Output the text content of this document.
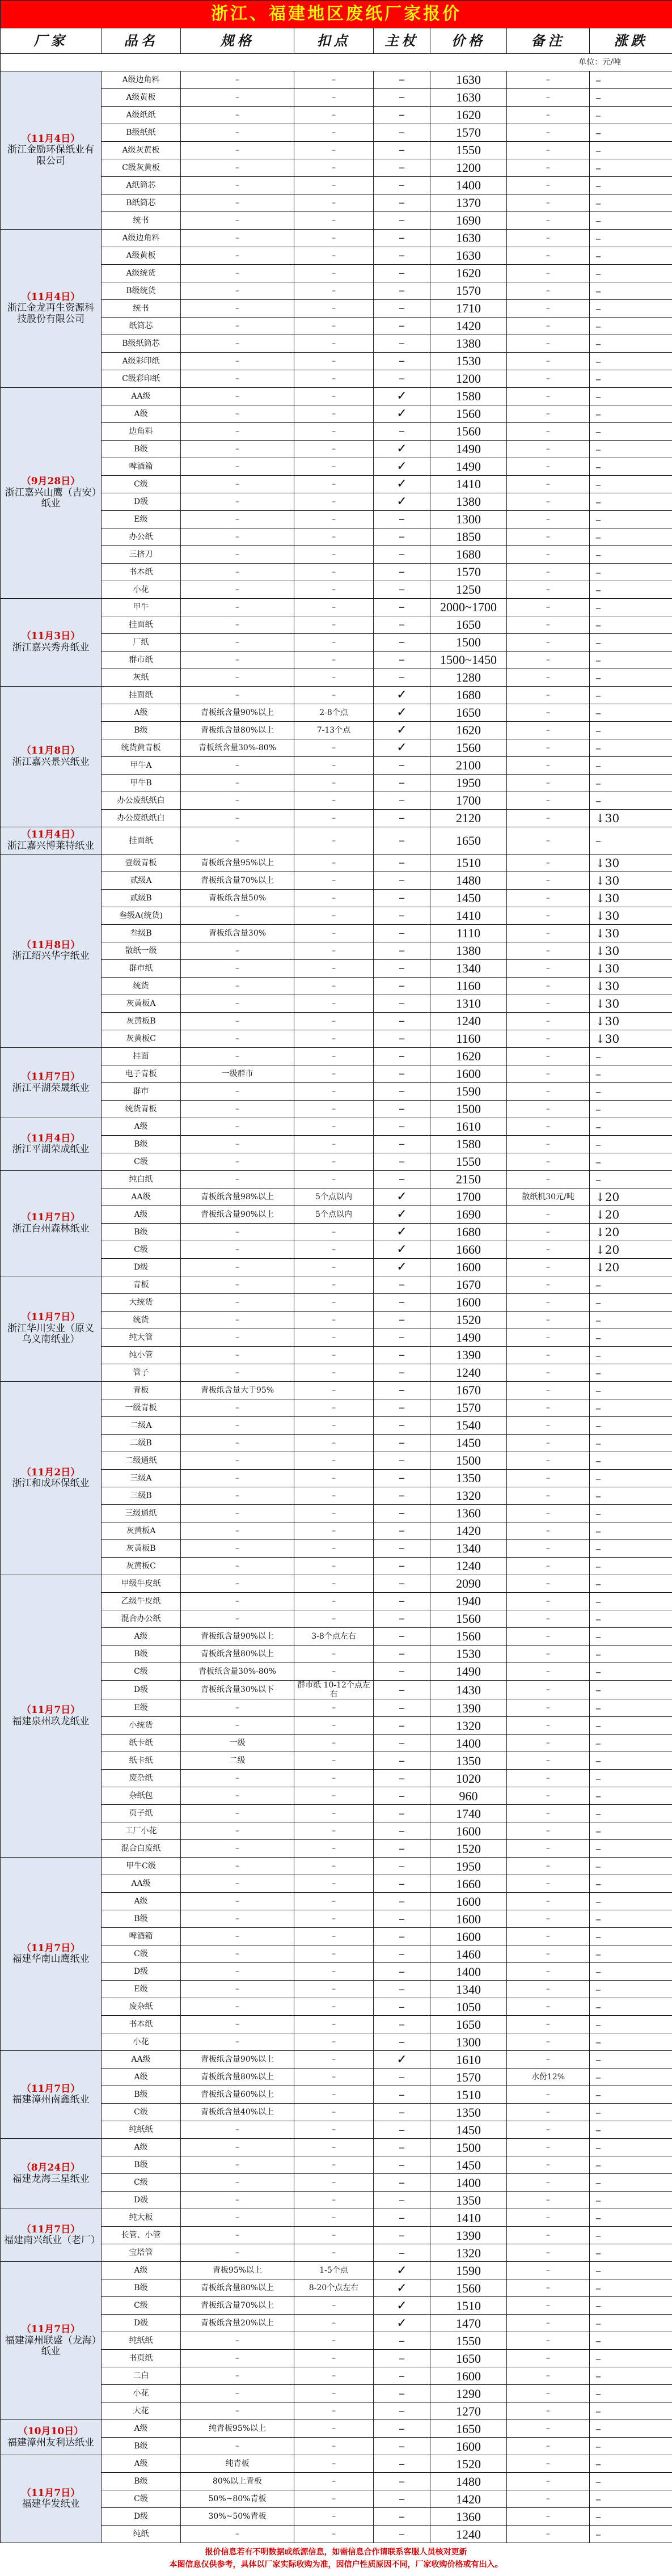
浙江、福建地区废纸厂家报价							
厂家	品名	规格	扣点	主杖	价格	备注	涨跌
单位：元/吨							

（11月4日）
浙江金励环保纸业有限公司	A级边角料	–	–	–	1630	–	–
	A级黄板	–	–	–	1630	–	–
	A级纸纸	–	–	–	1620	–	–
	B级纸纸	–	–	–	1570	–	–
	A级灰黄板	–	–	–	1550	–	–
	C级灰黄板	–	–	–	1200	–	–
	A纸筒芯	–	–	–	1400	–	–
	B纸筒芯	–	–	–	1370	–	–
	统书	–	–	–	1690	–	–

（11月4日）
浙江金龙再生资源科技股份有限公司	A级边角料	–	–	–	1630	–	–
	A级黄板	–	–	–	1630	–	–
	A级统货	–	–	–	1620	–	–
	B级统货	–	–	–	1570	–	–
	统书	–	–	–	1710	–	–
	纸筒芯	–	–	–	1420	–	–
	B级纸筒芯	–	–	–	1380	–	–
	A级彩印纸	–	–	–	1530	–	–
	C级彩印纸	–	–	–	1200	–	–

（9月28日）
浙江嘉兴山鹰（吉安）纸业	AA级	–	–	✓	1580	–	–
	A级	–	–	✓	1560	–	–
	边角料	–	–	–	1560	–	–
	B级	–	–	✓	1490	–	–
	啤酒箱	–	–	✓	1490	–	–
	C级	–	–	✓	1410	–	–
	D级	–	–	✓	1380	–	–
	E级	–	–	–	1300	–	–
	办公纸	–	–	–	1850	–	–
	三挤刀	–	–	–	1680	–	–
	书本纸	–	–	–	1570	–	–
	小花	–	–	–	1250	–	–

（11月3日）
浙江嘉兴秀舟纸业	甲牛	–	–	–	2000~1700	–	–
	挂面纸	–	–	–	1650	–	–
	厂纸	–	–	–	1500	–	–
	群市纸	–	–	–	1500~1450	–	–
	灰纸	–	–	–	1280	–	–

（11月8日）
浙江嘉兴景兴纸业	挂面纸	–	–	✓	1680	–	–
	A级	青板纸含量90%以上	2-8个点	✓	1650	–	–
	B级	青板纸含量80%以上	7-13个点	✓	1620	–	–
	统货黄青板	青板纸含量30%-80%	–	✓	1560	–	–
	甲牛A	–	–	–	2100	–	–
	甲牛B	–	–	–	1950	–	–
	办公废纸纸白	–	–	–	1700	–	–
	办公废纸纸白	–	–	–	2120	–	↓30

（11月4日）
浙江嘉兴博莱特纸业	挂面纸	–	–	–	1650	–	–

（11月8日）
浙江绍兴华宇纸业	壹级青板	青板纸含量95%以上	–	–	1510	–	↓30
	贰级A	青板纸含量70%以上	–	–	1480	–	↓30
	贰级B	青板纸含量50%	–	–	1450	–	↓30
	叁级A(统货)	–	–	–	1410	–	↓30
	叁级B	青板纸含量30%	–	–	1110	–	↓30
	散纸一级	–	–	–	1380	–	↓30
	群市纸	–	–	–	1340	–	↓30
	统货	–	–	–	1160	–	↓30
	灰黄板A	–	–	–	1310	–	↓30
	灰黄板B	–	–	–	1240	–	↓30
	灰黄板C	–	–	–	1160	–	↓30

（11月7日）
浙江平湖荣晟纸业	挂面	–	–	–	1620	–	–
	电子青板	一级群市	–	–	1600	–	–
	群市	–	–	–	1590	–	–
	统货青板	–	–	–	1500	–	–

（11月4日）
浙江平湖荣成纸业	A级	–	–	–	1610	–	–
	B级	–	–	–	1580	–	–
	C级	–	–	–	1550	–	–

（11月7日）
浙江台州森林纸业	纯白纸	–	–	–	2150	–	–
	AA级	青板纸含量98%以上	5个点以内	✓	1700	散纸机30元/吨	↓20
	A级	青板纸含量90%以上	5个点以内	✓	1690	–	↓20
	B级	–	–	✓	1680	–	↓20
	C级	–	–	✓	1660	–	↓20
	D级	–	–	✓	1600	–	↓20

（11月7日）
浙江华川实业（原义乌义南纸业）	青板	–	–	–	1670	–	–
	大统货	–	–	–	1600	–	–
	统货	–	–	–	1520	–	–
	纯大管	–	–	–	1490	–	–
	纯小管	–	–	–	1390	–	–
	管子	–	–	–	1240	–	–

（11月2日）
浙江和成环保纸业	青板	青板纸含量大于95%	–	–	1670	–	–
	一级青板	–	–	–	1570	–	–
	二级A	–	–	–	1540	–	–
	二级B	–	–	–	1450	–	–
	二级通纸	–	–	–	1500	–	–
	三级A	–	–	–	1350	–	–
	三级B	–	–	–	1320	–	–
	三级通纸	–	–	–	1360	–	–
	灰黄板A	–	–	–	1420	–	–
	灰黄板B	–	–	–	1340	–	–
	灰黄板C	–	–	–	1240	–	–

（11月7日）
福建泉州玖龙纸业	甲级牛皮纸	–	–	–	2090	–	–
	乙级牛皮纸	–	–	–	1940	–	–
	混合办公纸	–	–	–	1560	–	–
	A级	青板纸含量90%以上	3-8个点左右	–	1560	–	–
	B级	青板纸含量80%以上	–	–	1530	–	–
	C级	青板纸含量30%-80%	–	–	1490	–	–
	D级	青板纸含量30%以下	群市纸 10-12个点左右	–	1430	–	–
	E级	–	–	–	1390	–	–
	小统货	–	–	–	1320	–	–
	纸卡纸	一级	–	–	1400	–	–
	纸卡纸	二级	–	–	1350	–	–
	废杂纸	–	–	–	1020	–	–
	杂纸包	–	–	–	960	–	–
	页子纸	–	–	–	1740	–	–
	工厂小花	–	–	–	1600	–	–
	混合白废纸	–	–	–	1520	–	–

（11月7日）
福建华南山鹰纸业	甲牛C级	–	–	–	1950	–	–
	AA级	–	–	–	1660	–	–
	A级	–	–	–	1600	–	–
	B级	–	–	–	1600	–	–
	啤酒箱	–	–	–	1600	–	–
	C级	–	–	–	1460	–	–
	D级	–	–	–	1400	–	–
	E级	–	–	–	1340	–	–
	废杂纸	–	–	–	1050	–	–
	书本纸	–	–	–	1650	–	–
	小花	–	–	–	1300	–	–

（11月7日）
福建漳州南鑫纸业	AA级	青板纸含量90%以上	–	✓	1610	–	–
	A级	青板纸含量80%以上	–	–	1570	水份12%	–
	B级	青板纸含量60%以上	–	–	1510	–	–
	C级	青板纸含量40%以上	–	–	1350	–	–
	纯纸纸	–	–	–	1450	–	–

（8月24日）
福建龙海三星纸业	A级	–	–	–	1500	–	–
	B级	–	–	–	1450	–	–
	C级	–	–	–	1400	–	–
	D级	–	–	–	1350	–	–

（11月7日）
福建南兴纸业（老厂）	纯大板	–	–	–	1410	–	–
	长管、小管	–	–	–	1390	–	–
	宝塔管	–	–	–	1320	–	–

（11月7日）
福建漳州联盛（龙海）纸业	A级	青板95%以上	1-5个点	✓	1590	–	–
	B级	青板纸含量80%以上	8-20个点左右	✓	1560	–	–
	C级	青板纸含量70%以上	–	✓	1510	–	–
	D级	青板纸含量20%以上	–	✓	1470	–	–
	纯纸纸	–	–	–	1550	–	–
	书页纸	–	–	–	1650	–	–
	二白	–	–	–	1600	–	–
	小花	–	–	–	1290	–	–
	大花	–	–	–	1270	–	–

（10月10日）
福建漳州友利达纸业	A级	纯青板95%以上	–	–	1650	–	–
	B级	–	–	–	1600	–	–

（11月7日）
福建华发纸业	A级	纯青板	–	–	1520	–	–
	B级	80%以上青板	–	–	1480	–	–
	C级	50%~80%青板	–	–	1420	–	–
	D级	30%~50%青板	–	–	1360	–	–
	纯纸	–	–	–	1240	–	–
报价信息若有不明数据或纸源信息，如需信息合作请联系客服人员核对更新
本图信息仅供参考，具体以厂家实际收购为准，因信户性质原因不同，厂家收购价格或有出入。
